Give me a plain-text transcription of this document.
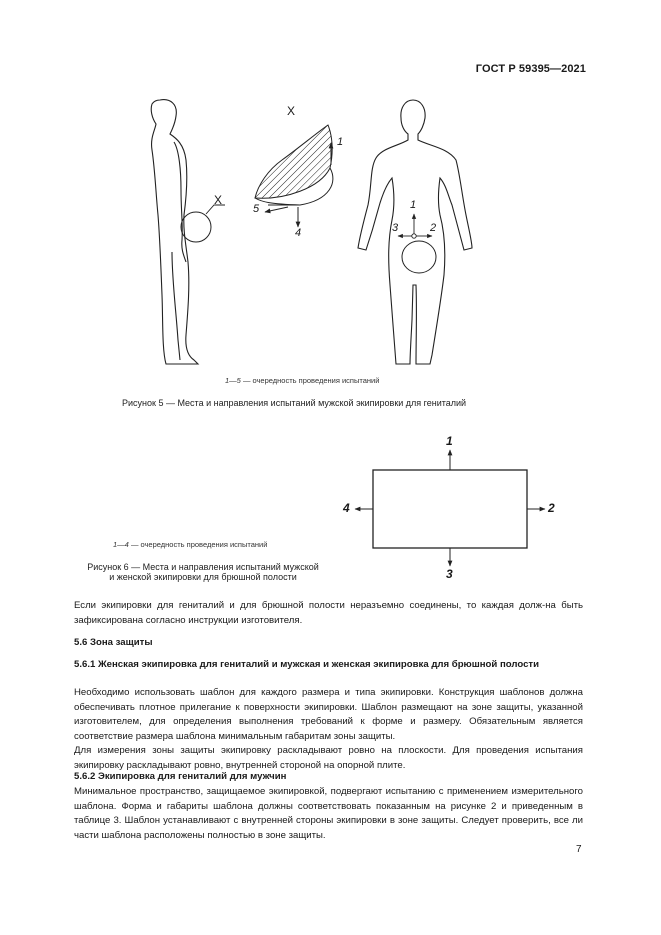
ГОСТ Р 59395—2021
X
X
1
5
4
1
3	2
1—5 — очередность проведения испытаний
Рисунок 5 — Места и направления испытаний мужской экипировки для гениталий
1
2
3
4
1—4 — очередность проведения испытаний
Рисунок 6 — Места и направления испытаний мужской
и женской экипировки для брюшной полости
Если экипировки для гениталий и для брюшной полости неразъемно соединены, то каждая долж-на быть зафиксирована согласно инструкции изготовителя.
5.6 Зона защиты
5.6.1 Женская экипировка для гениталий и мужская и женская экипировка для брюшной полости
Необходимо использовать шаблон для каждого размера и типа экипировки. Конструкция шаблонов должна обеспечивать плотное прилегание к поверхности экипировки. Шаблон размещают на зоне защиты, указанной изготовителем, для определения выполнения требований к форме и размеру. Обязательным является соответствие размера шаблона минимальным габаритам зоны защиты.
Для измерения зоны защиты экипировку раскладывают ровно на плоскости. Для проведения испытания экипировку раскладывают ровно, внутренней стороной на опорной плите.
5.6.2 Экипировка для гениталий для мужчин
Минимальное пространство, защищаемое экипировкой, подвергают испытанию с применением измерительного шаблона. Форма и габариты шаблона должны соответствовать показанным на рисунке 2 и приведенным в таблице 3. Шаблон устанавливают с внутренней стороны экипировки в зоне защиты. Следует проверить, все ли части шаблона расположены полностью в зоне защиты.
7
